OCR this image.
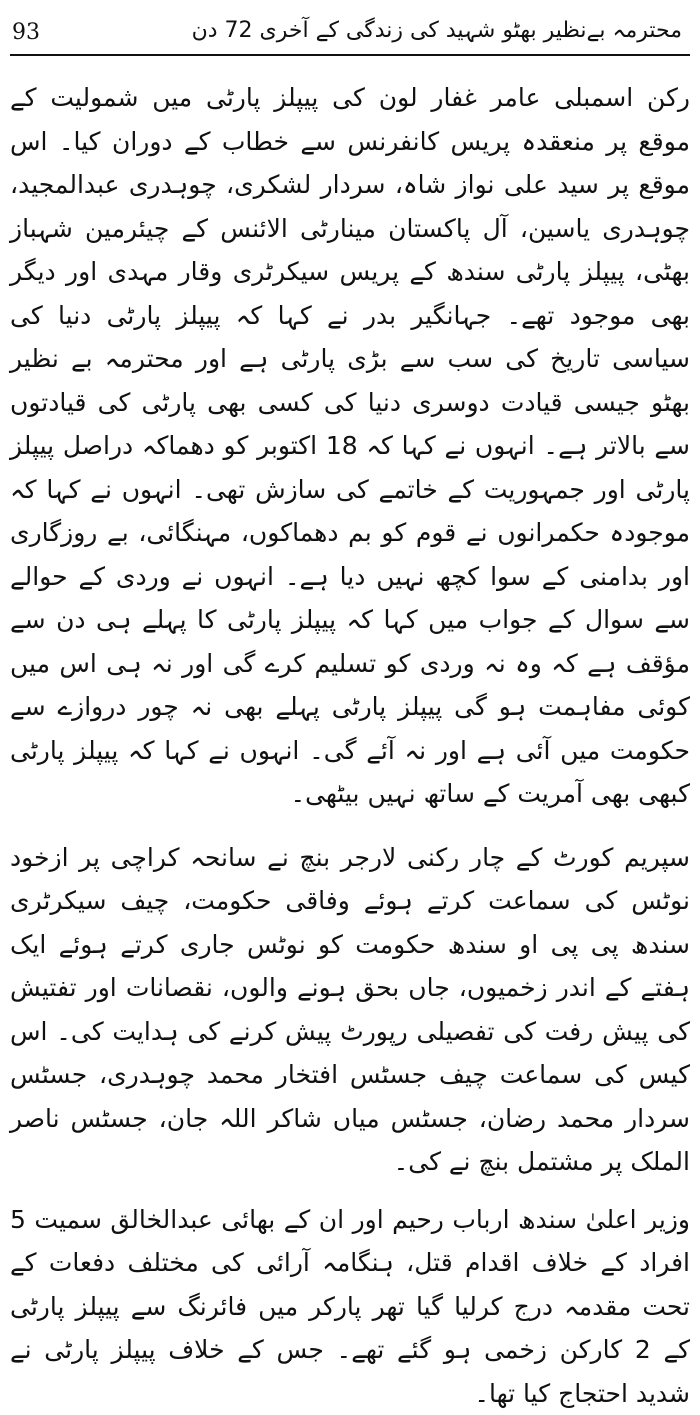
93	محترمہ بےنظیر بھٹو شہید کی زندگی کے آخری 72 دن

رکن اسمبلی عامر غفار لون کی پیپلز پارٹی میں شمولیت کے موقع پر منعقدہ پریس کانفرنس سے خطاب کے دوران کیا۔ اس موقع پر سید علی نواز شاہ، سردار لشکری، چوہدری عبدالمجید، چوہدری یاسین، آل پاکستان مینارٹی الائنس کے چیئرمین شہباز بھٹی، پیپلز پارٹی سندھ کے پریس سیکرٹری وقار مہدی اور دیگر بھی موجود تھے۔ جہانگیر بدر نے کہا کہ پیپلز پارٹی دنیا کی سیاسی تاریخ کی سب سے بڑی پارٹی ہے اور محترمہ بے نظیر بھٹو جیسی قیادت دوسری دنیا کی کسی بھی پارٹی کی قیادتوں سے بالاتر ہے۔ انہوں نے کہا کہ 18 اکتوبر کو دھماکہ دراصل پیپلز پارٹی اور جمہوریت کے خاتمے کی سازش تھی۔ انہوں نے کہا کہ موجودہ حکمرانوں نے قوم کو بم دھماکوں، مہنگائی، بے روزگاری اور بدامنی کے سوا کچھ نہیں دیا ہے۔ انہوں نے وردی کے حوالے سے سوال کے جواب میں کہا کہ پیپلز پارٹی کا پہلے ہی دن سے مؤقف ہے کہ وہ نہ وردی کو تسلیم کرے گی اور نہ ہی اس میں کوئی مفاہمت ہو گی پیپلز پارٹی پہلے بھی نہ چور دروازے سے حکومت میں آئی ہے اور نہ آئے گی۔ انہوں نے کہا کہ پیپلز پارٹی کبھی بھی آمریت کے ساتھ نہیں بیٹھی۔

سپریم کورٹ کے چار رکنی لارجر بنچ نے سانحہ کراچی پر ازخود نوٹس کی سماعت کرتے ہوئے وفاقی حکومت، چیف سیکرٹری سندھ پی پی او سندھ حکومت کو نوٹس جاری کرتے ہوئے ایک ہفتے کے اندر زخمیوں، جاں بحق ہونے والوں، نقصانات اور تفتیش کی پیش رفت کی تفصیلی رپورٹ پیش کرنے کی ہدایت کی۔ اس کیس کی سماعت چیف جسٹس افتخار محمد چوہدری، جسٹس سردار محمد رضان، جسٹس میاں شاکر اللہ جان، جسٹس ناصر الملک پر مشتمل بنچ نے کی۔

وزیر اعلیٰ سندھ ارباب رحیم اور ان کے بھائی عبدالخالق سمیت 5 افراد کے خلاف اقدام قتل، ہنگامہ آرائی کی مختلف دفعات کے تحت مقدمہ درج کرلیا گیا تھر پارکر میں فائرنگ سے پیپلز پارٹی کے 2 کارکن زخمی ہو گئے تھے۔ جس کے خلاف پیپلز پارٹی نے شدید احتجاج کیا تھا۔
